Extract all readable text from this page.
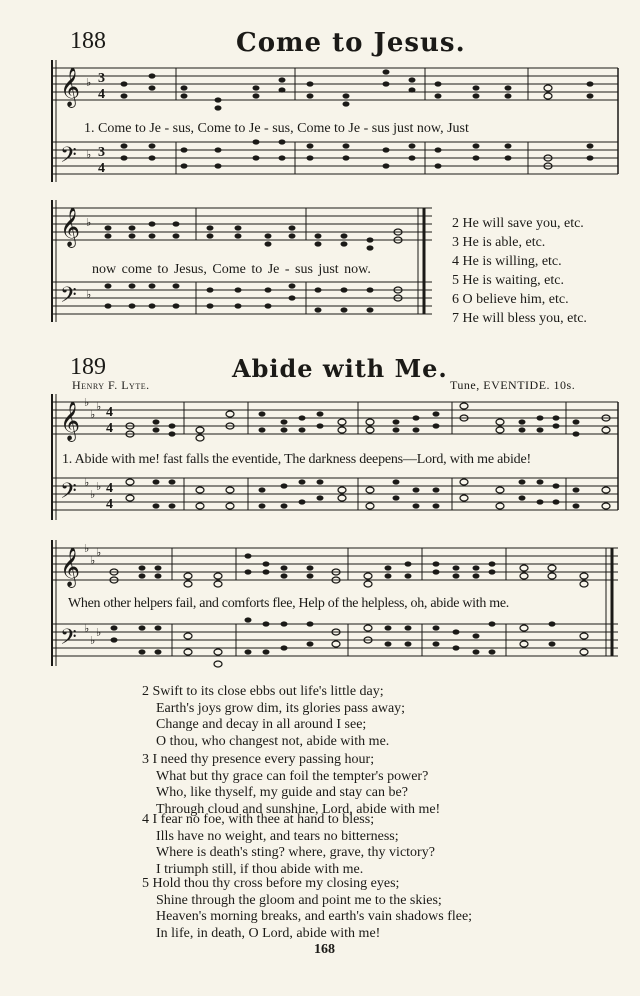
188	Come to Jesus.
𝄞
𝄢
♭
♭
3
4
3
4
1. Come to Je - sus, Come to Je - sus, Come to Je - sus just now, Just
𝄞
𝄢
♭
♭
now come to Jesus, Come to Je - sus just now.
2 He will save you, etc.
3 He is able, etc.
4 He is willing, etc.
5 He is waiting, etc.
6 O believe him, etc.
7 He will bless you, etc.
189	Abide with Me.
Henry F. Lyte.	Tune, EVENTIDE. 10s.
𝄞
𝄢
♭
♭
♭
♭
♭
♭
4
4
4
4
1. Abide with me! fast falls the eventide, The darkness deepens—Lord, with me abide!
𝄞
𝄢
♭
♭
♭
♭
♭
♭
When other helpers fail, and comforts flee, Help of the helpless, oh, abide with me.
2 Swift to its close ebbs out life's little day;
Earth's joys grow dim, its glories pass away;
Change and decay in all around I see;
O thou, who changest not, abide with me.
3 I need thy presence every passing hour;
What but thy grace can foil the tempter's power?
Who, like thyself, my guide and stay can be?
Through cloud and sunshine, Lord, abide with me!
4 I fear no foe, with thee at hand to bless;
Ills have no weight, and tears no bitterness;
Where is death's sting? where, grave, thy victory?
I triumph still, if thou abide with me.
5 Hold thou thy cross before my closing eyes;
Shine through the gloom and point me to the skies;
Heaven's morning breaks, and earth's vain shadows flee;
In life, in death, O Lord, abide with me!
168
